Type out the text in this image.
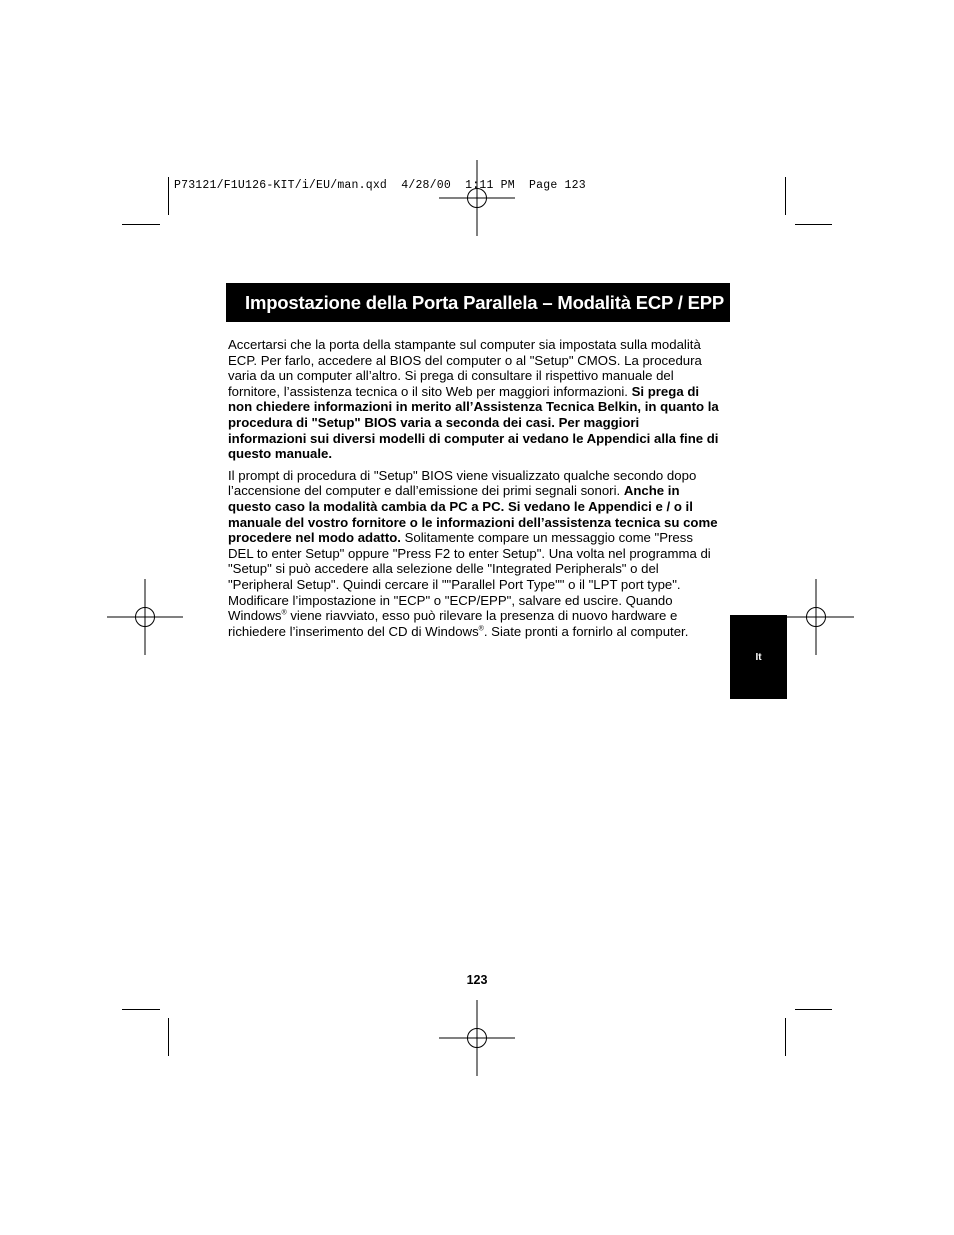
P73121/F1U126-KIT/i/EU/man.qxd  4/28/00  1:11 PM  Page 123
Impostazione della Porta Parallela – Modalità ECP / EPP

Accertarsi che la porta della stampante sul computer sia impostata sulla modalità ECP. Per farlo, accedere al BIOS del computer o al "Setup" CMOS. La procedura varia da un computer all’altro. Si prega di consultare il rispettivo manuale del fornitore, l’assistenza tecnica o il sito Web per maggiori informazioni. Si prega di non chiedere informazioni in merito all’Assistenza Tecnica Belkin, in quanto la procedura di "Setup" BIOS varia a seconda dei casi. Per maggiori informazioni sui diversi modelli di computer ai vedano le Appendici alla fine di questo manuale.

Il prompt di procedura di "Setup" BIOS viene visualizzato qualche secondo dopo l’accensione del computer e dall’emissione dei primi segnali sonori. Anche in questo caso la modalità cambia da PC a PC. Si vedano le Appendici e / o il manuale del vostro fornitore o le informazioni dell’assistenza tecnica su come procedere nel modo adatto. Solitamente compare un messaggio come "Press DEL to enter Setup" oppure "Press F2 to enter Setup". Una volta nel programma di "Setup" si può accedere alla selezione delle "Integrated Peripherals" o del "Peripheral Setup". Quindi cercare il ""Parallel Port Type"" o il "LPT port type". Modificare l’impostazione in "ECP" o "ECP/EPP", salvare ed uscire. Quando Windows® viene riavviato, esso può rilevare la presenza di nuovo hardware e richiedere l’inserimento del CD di Windows®. Siate pronti a fornirlo al computer.

It
123
